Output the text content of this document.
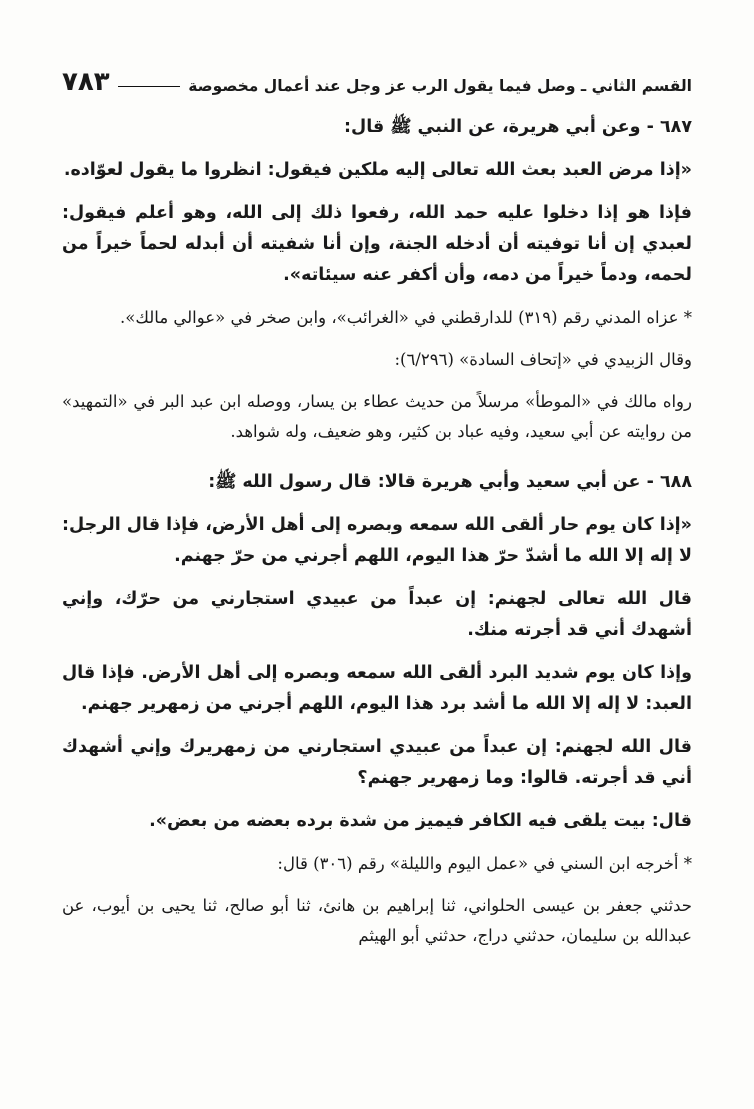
القسم الثاني ـ وصل فيما يقول الرب عز وجل عند أعمال مخصوصة
٧٨٣

٦٨٧ - وعن أبي هريرة، عن النبي ﷺ قال:

«إذا مرض العبد بعث الله تعالى إليه ملكين فيقول: انظروا ما يقول لعوّاده.

فإذا هو إذا دخلوا عليه حمد الله، رفعوا ذلك إلى الله، وهو أعلم فيقول: لعبدي إن أنا توفيته أن أدخله الجنة، وإن أنا شفيته أن أبدله لحماً خيراً من لحمه، ودماً خيراً من دمه، وأن أكفر عنه سيئاته».

* عزاه المدني رقم (٣١٩) للدارقطني في «الغرائب»، وابن صخر في «عوالي مالك».

وقال الزبيدي في «إتحاف السادة» (٦/٢٩٦):

رواه مالك في «الموطأ» مرسلاً من حديث عطاء بن يسار، ووصله ابن عبد البر في «التمهيد» من روايته عن أبي سعيد، وفيه عباد بن كثير، وهو ضعيف، وله شواهد.

٦٨٨ - عن أبي سعيد وأبي هريرة قالا: قال رسول الله ﷺ:

«إذا كان يوم حار ألقى الله سمعه وبصره إلى أهل الأرض، فإذا قال الرجل: لا إله إلا الله ما أشدّ حرّ هذا اليوم، اللهم أجرني من حرّ جهنم.

قال الله تعالى لجهنم: إن عبداً من عبيدي استجارني من حرّك، وإني أشهدك أني قد أجرته منك.

وإذا كان يوم شديد البرد ألقى الله سمعه وبصره إلى أهل الأرض. فإذا قال العبد: لا إله إلا الله ما أشد برد هذا اليوم، اللهم أجرني من زمهرير جهنم.

قال الله لجهنم: إن عبداً من عبيدي استجارني من زمهريرك وإني أشهدك أني قد أجرته. قالوا: وما زمهرير جهنم؟

قال: بيت يلقى فيه الكافر فيميز من شدة برده بعضه من بعض».

* أخرجه ابن السني في «عمل اليوم والليلة» رقم (٣٠٦) قال:

حدثني جعفر بن عيسى الحلواني، ثنا إبراهيم بن هانئ، ثنا أبو صالح، ثنا يحيى بن أيوب، عن عبدالله بن سليمان، حدثني دراج، حدثني أبو الهيثم
